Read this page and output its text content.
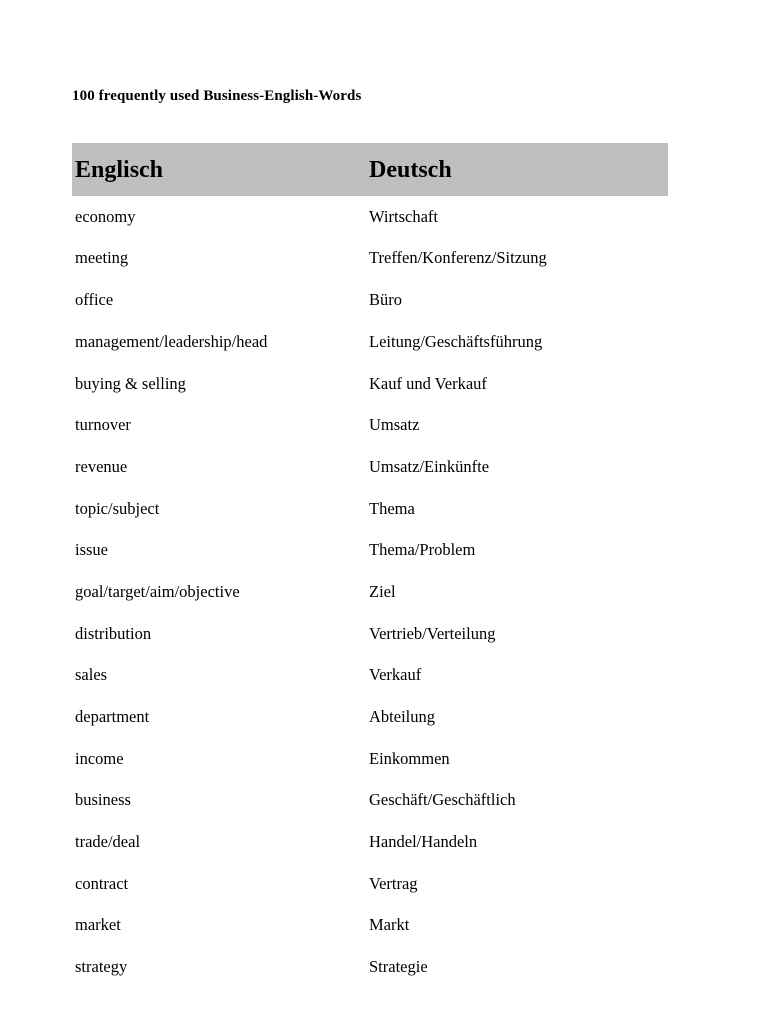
100 frequently used Business-English-Words
Englisch	Deutsch
economy	Wirtschaft
meeting	Treffen/Konferenz/Sitzung
office	Büro
management/leadership/head	Leitung/Geschäftsführung
buying & selling	Kauf und Verkauf
turnover	Umsatz
revenue	Umsatz/Einkünfte
topic/subject	Thema
issue	Thema/Problem
goal/target/aim/objective	Ziel
distribution	Vertrieb/Verteilung
sales	Verkauf
department	Abteilung
income	Einkommen
business	Geschäft/Geschäftlich
trade/deal	Handel/Handeln
contract	Vertrag
market	Markt
strategy	Strategie
